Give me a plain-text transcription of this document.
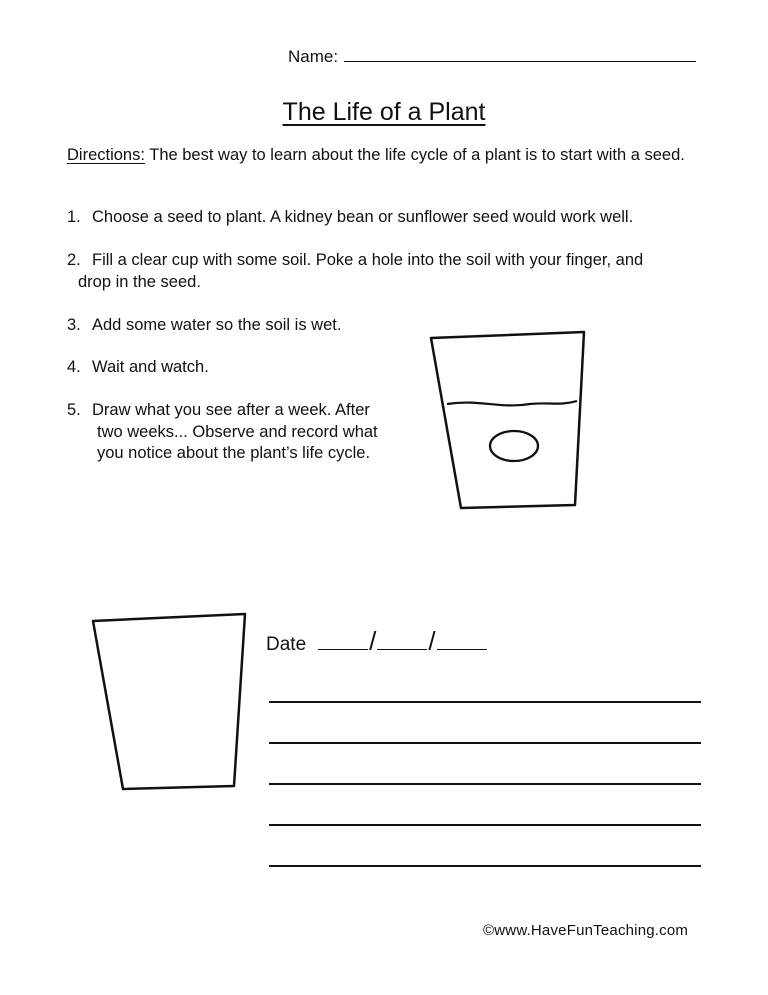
Name:
The Life of a Plant
Directions: The best way to learn about the life cycle of a plant is to start with a seed.
1. Choose a seed to plant. A kidney bean or sunflower seed would work well.
2. Fill a clear cup with some soil. Poke a hole into the soil with your finger, and
drop in the seed.
3. Add some water so the soil is wet.
4. Wait and watch.
5. Draw what you see after a week. After
two weeks... Observe and record what
you notice about the plant’s life cycle.
Date / /
©www.HaveFunTeaching.com
